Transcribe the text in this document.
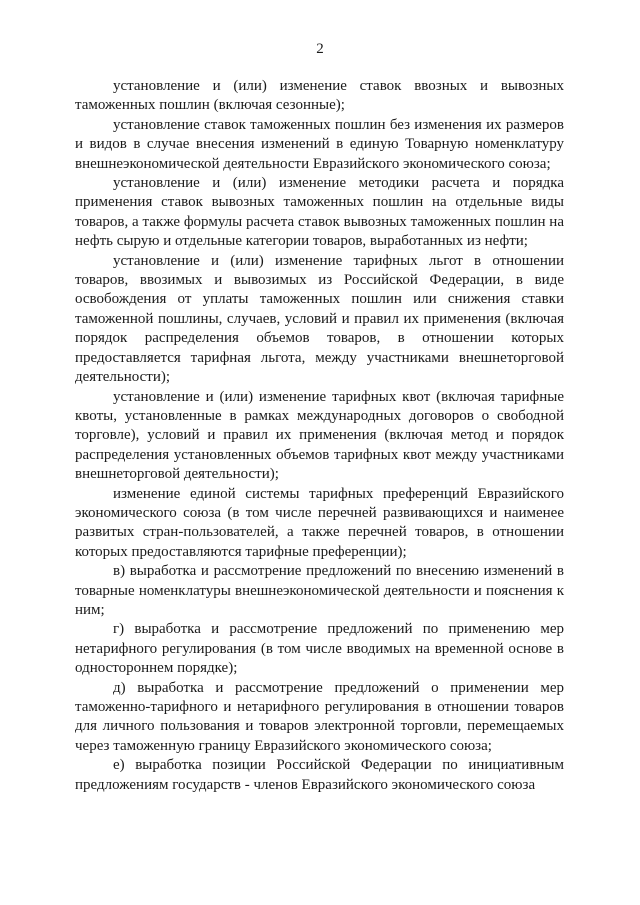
2

установление и (или) изменение ставок ввозных и вывозных таможенных пошлин (включая сезонные);

установление ставок таможенных пошлин без изменения их размеров и видов в случае внесения изменений в единую Товарную номенклатуру внешнеэкономической деятельности Евразийского экономического союза;

установление и (или) изменение методики расчета и порядка применения ставок вывозных таможенных пошлин на отдельные виды товаров, а также формулы расчета ставок вывозных таможенных пошлин на нефть сырую и отдельные категории товаров, выработанных из нефти;

установление и (или) изменение тарифных льгот в отношении товаров, ввозимых и вывозимых из Российской Федерации, в виде освобождения от уплаты таможенных пошлин или снижения ставки таможенной пошлины, случаев, условий и правил их применения (включая порядок распределения объемов товаров, в отношении которых предоставляется тарифная льгота, между участниками внешнеторговой деятельности);

установление и (или) изменение тарифных квот (включая тарифные квоты, установленные в рамках международных договоров о свободной торговле), условий и правил их применения (включая метод и порядок распределения установленных объемов тарифных квот между участниками внешнеторговой деятельности);

изменение единой системы тарифных преференций Евразийского экономического союза (в том числе перечней развивающихся и наименее развитых стран-пользователей, а также перечней товаров, в отношении которых предоставляются тарифные преференции);

в) выработка и рассмотрение предложений по внесению изменений в товарные номенклатуры внешнеэкономической деятельности и пояснения к ним;

г) выработка и рассмотрение предложений по применению мер нетарифного регулирования (в том числе вводимых на временной основе в одностороннем порядке);

д) выработка и рассмотрение предложений о применении мер таможенно-тарифного и нетарифного регулирования в отношении товаров для личного пользования и товаров электронной торговли, перемещаемых через таможенную границу Евразийского экономического союза;

е) выработка позиции Российской Федерации по инициативным предложениям государств - членов Евразийского экономического союза
